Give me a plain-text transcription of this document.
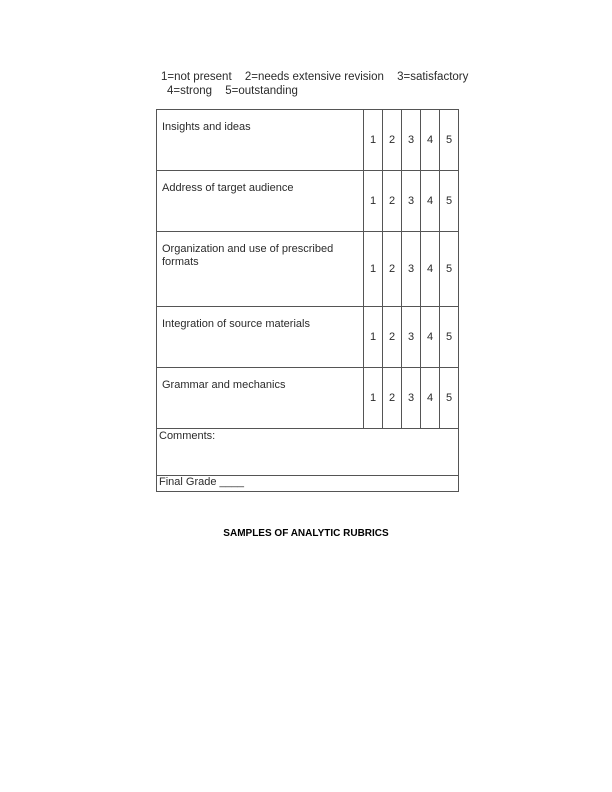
1=not present 2=needs extensive revision 3=satisfactory
4=strong 5=outstanding
Insights and ideas	1	2	3	4	5
Address of target audience	1	2	3	4	5
Organization and use of prescribed formats	1	2	3	4	5
Integration of source materials	1	2	3	4	5
Grammar and mechanics	1	2	3	4	5
Comments:					
Final Grade ____					
SAMPLES OF ANALYTIC RUBRICS
